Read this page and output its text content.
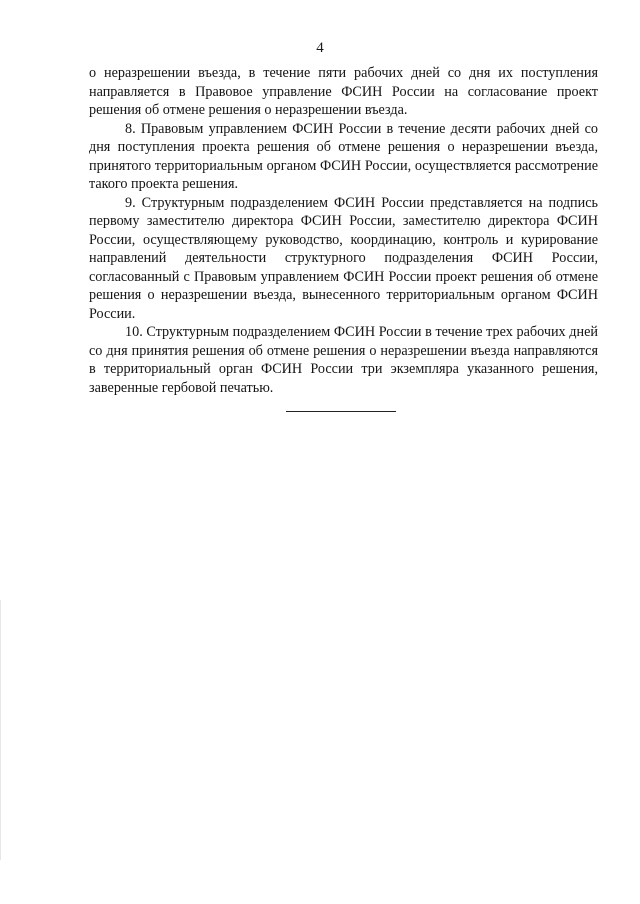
4

о неразрешении въезда, в течение пяти рабочих дней со дня их поступления направляется в Правовое управление ФСИН России на согласование проект решения об отмене решения о неразрешении въезда.

8. Правовым управлением ФСИН России в течение десяти рабочих дней со дня поступления проекта решения об отмене решения о неразрешении въезда, принятого территориальным органом ФСИН России, осуществляется рассмотрение такого проекта решения.

9. Структурным подразделением ФСИН России представляется на подпись первому заместителю директора ФСИН России, заместителю директора ФСИН России, осуществляющему руководство, координацию, контроль и курирование направлений деятельности структурного подразделения ФСИН России, согласованный с Правовым управлением ФСИН России проект решения об отмене решения о неразрешении въезда, вынесенного территориальным органом ФСИН России.

10. Структурным подразделением ФСИН России в течение трех рабочих дней со дня принятия решения об отмене решения о неразрешении въезда направляются в территориальный орган ФСИН России три экземпляра указанного решения, заверенные гербовой печатью.
